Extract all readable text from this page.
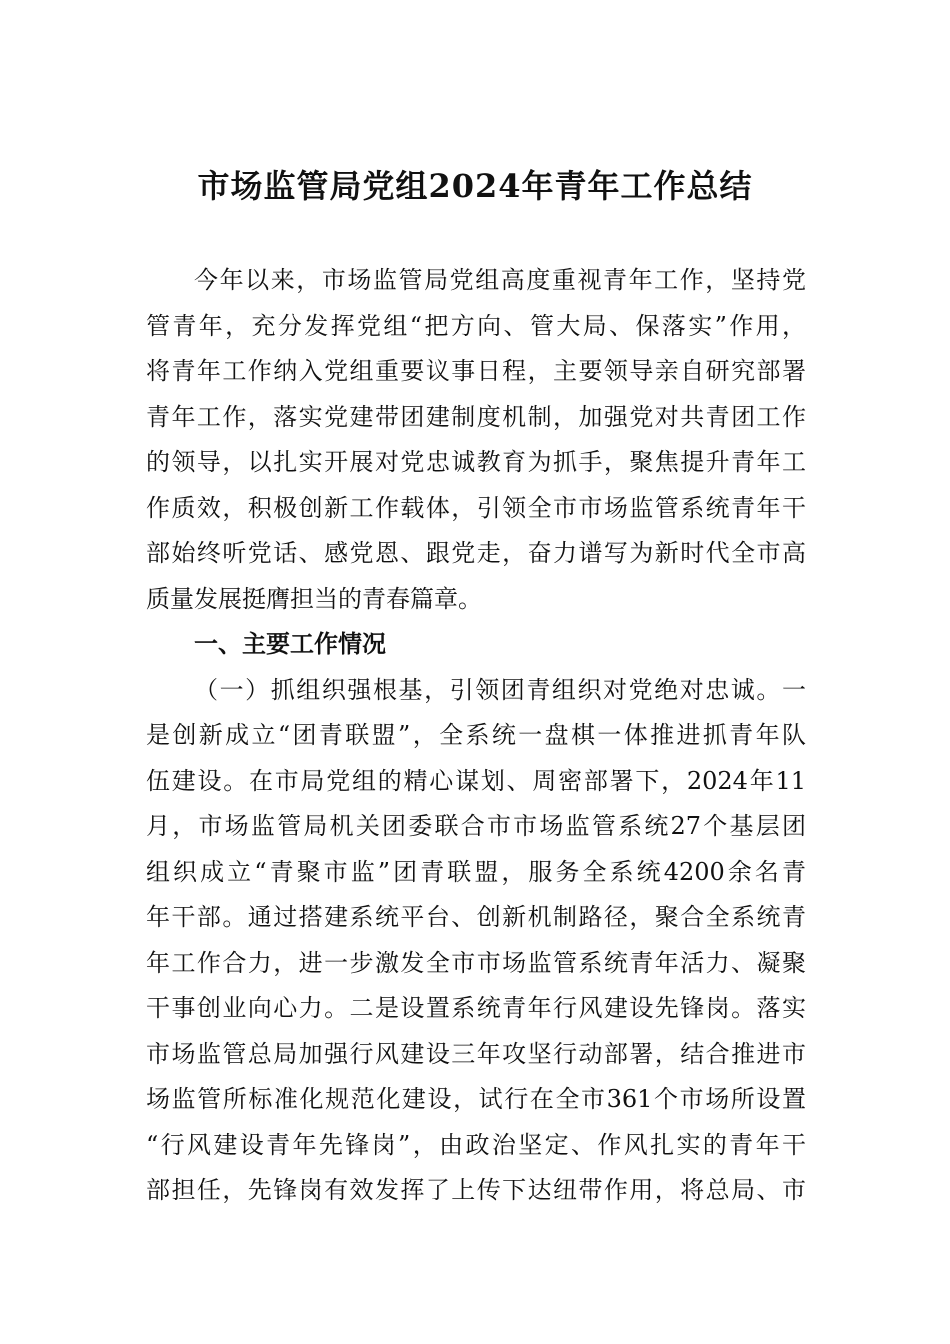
市场监管局党组2024年青年工作总结
今年以来，市场监管局党组高度重视青年工作，坚持党
管青年，充分发挥党组“把方向、管大局、保落实”作用，
将青年工作纳入党组重要议事日程，主要领导亲自研究部署
青年工作，落实党建带团建制度机制，加强党对共青团工作
的领导，以扎实开展对党忠诚教育为抓手，聚焦提升青年工
作质效，积极创新工作载体，引领全市市场监管系统青年干
部始终听党话、感党恩、跟党走，奋力谱写为新时代全市高
质量发展挺膺担当的青春篇章。
一、主要工作情况
（一）抓组织强根基，引领团青组织对党绝对忠诚。一
是创新成立“团青联盟”，全系统一盘棋一体推进抓青年队
伍建设。在市局党组的精心谋划、周密部署下，2024年11
月，市场监管局机关团委联合市市场监管系统27个基层团
组织成立“青聚市监”团青联盟，服务全系统4200余名青
年干部。通过搭建系统平台、创新机制路径，聚合全系统青
年工作合力，进一步激发全市市场监管系统青年活力、凝聚
干事创业向心力。二是设置系统青年行风建设先锋岗。落实
市场监管总局加强行风建设三年攻坚行动部署，结合推进市
场监管所标准化规范化建设，试行在全市361个市场所设置
“行风建设青年先锋岗”，由政治坚定、作风扎实的青年干
部担任，先锋岗有效发挥了上传下达纽带作用，将总局、市
